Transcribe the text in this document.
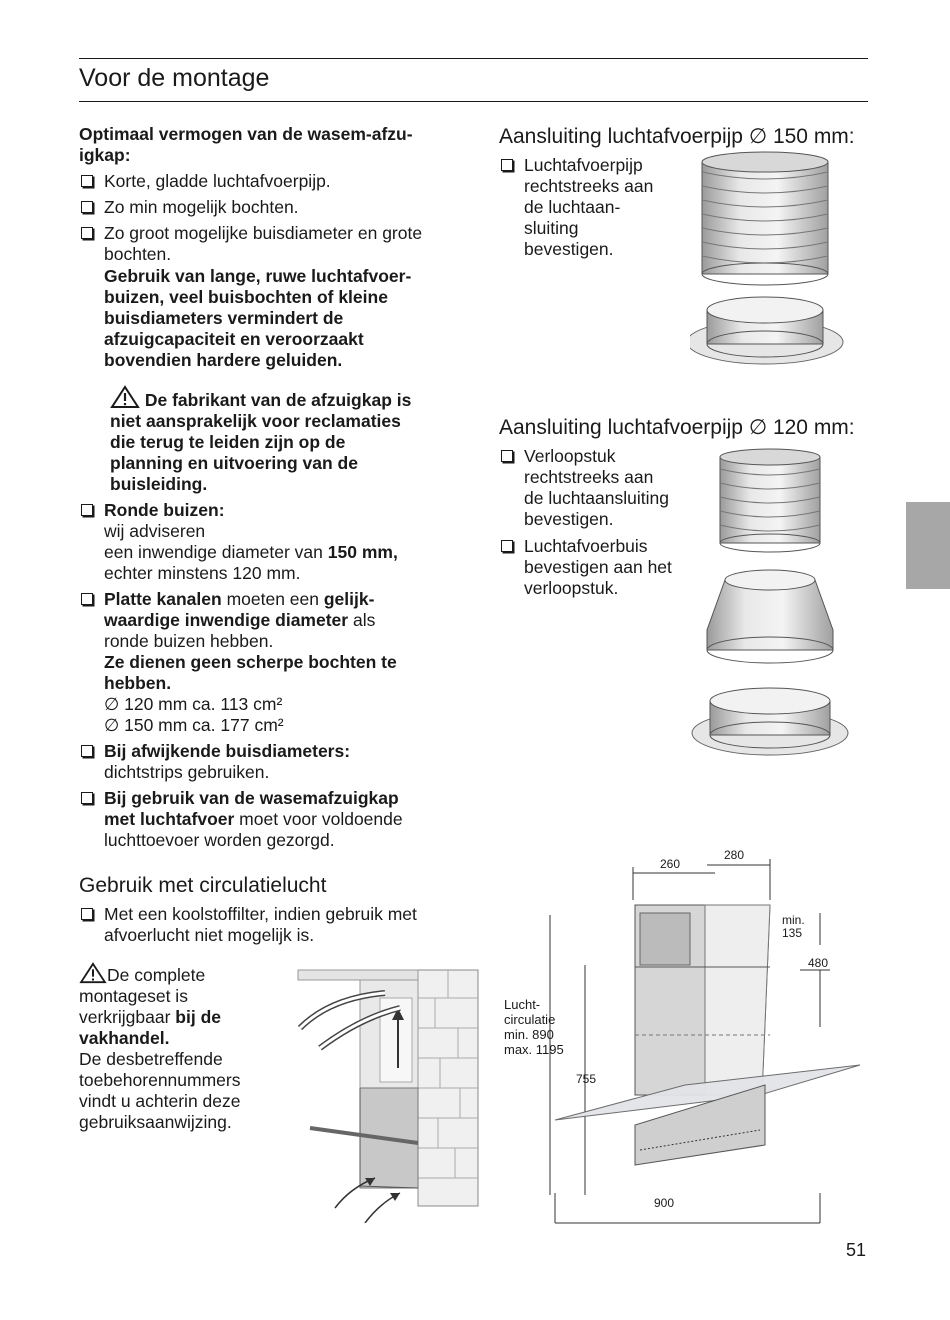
Voor de montage
Optimaal vermogen van de wasem-afzu-
igkap:
Korte, gladde luchtafvoerpijp.
Zo min mogelijk bochten.
Zo groot mogelijke buisdiameter en grote
bochten.
Gebruik van lange, ruwe luchtafvoer-
buizen, veel buisbochten of kleine
buisdiameters vermindert de
afzuigcapaciteit en veroorzaakt
bovendien hardere geluiden.
De fabrikant van de afzuigkap is
niet aansprakelijk voor reclamaties
die terug te leiden zijn op de
planning en uitvoering van de
buisleiding.
Ronde buizen:
wij adviseren
een inwendige diameter van 150 mm,
echter minstens 120 mm.
Platte kanalen moeten een gelijk-
waardige inwendige diameter als
ronde buizen hebben.
Ze dienen geen scherpe bochten te
hebben.
∅ 120 mm ca. 113 cm²
∅ 150 mm ca. 177 cm²
Bij afwijkende buisdiameters:
dichtstrips gebruiken.
Bij gebruik van de wasemafzuigkap
met luchtafvoer moet voor voldoende
luchttoevoer worden gezorgd.
Gebruik met circulatielucht
Met een koolstoffilter, indien gebruik met
afvoerlucht niet mogelijk is.
De complete
montageset is
verkrijgbaar bij de
vakhandel.
De desbetreffende
toebehorennummers
vindt u achterin deze
gebruiksaanwijzing.
Aansluiting luchtafvoerpijp ∅ 150 mm:
Luchtafvoerpijp
rechtstreeks aan
de luchtaan-
sluiting
bevestigen.
Aansluiting luchtafvoerpijp ∅ 120 mm:
Verloopstuk
rechtstreeks aan
de luchtaansluiting
bevestigen.
Luchtafvoerbuis
bevestigen aan het
verloopstuk.
260
280
min.
135
480
Lucht-
circulatie
min. 890
max. 1195
755
900
51
